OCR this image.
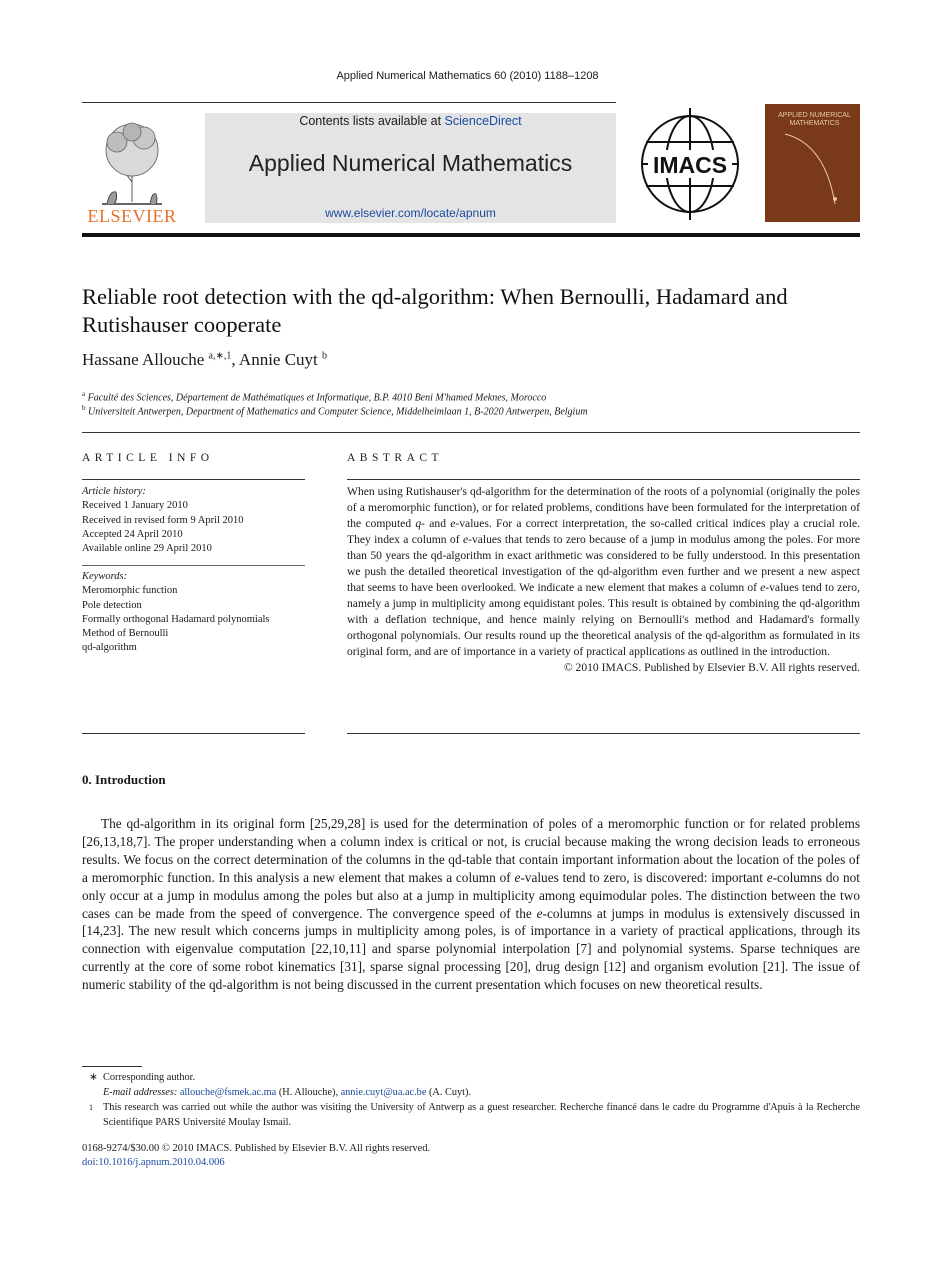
Applied Numerical Mathematics 60 (2010) 1188–1208
ELSEVIER
Contents lists available at ScienceDirect
Applied Numerical Mathematics
www.elsevier.com/locate/apnum
IMACS
APPLIED NUMERICAL MATHEMATICS
Reliable root detection with the qd-algorithm: When Bernoulli, Hadamard and Rutishauser cooperate
Hassane Allouche $^{a,∗,1}$, Annie Cuyt $^b$
$^a$ Faculté des Sciences, Département de Mathématiques et Informatique, B.P. 4010 Beni M'hamed Meknes, Morocco
$^b$ Universiteit Antwerpen, Department of Mathematics and Computer Science, Middelheimlaan 1, B-2020 Antwerpen, Belgium
ARTICLE INFO
Article history:
Received 1 January 2010
Received in revised form 9 April 2010
Accepted 24 April 2010
Available online 29 April 2010
Keywords:
Meromorphic function
Pole detection
Formally orthogonal Hadamard polynomials
Method of Bernoulli
qd-algorithm
ABSTRACT
When using Rutishauser's qd-algorithm for the determination of the roots of a polynomial (originally the poles of a meromorphic function), or for related problems, conditions have been formulated for the interpretation of the computed q- and e-values. For a correct interpretation, the so-called critical indices play a crucial role. They index a column of e-values that tends to zero because of a jump in modulus among the poles. For more than 50 years the qd-algorithm in exact arithmetic was considered to be fully understood. In this presentation we push the detailed theoretical investigation of the qd-algorithm even further and we present a new aspect that seems to have been overlooked. We indicate a new element that makes a column of e-values tend to zero, namely a jump in multiplicity among equidistant poles. This result is obtained by combining the qd-algorithm with a deflation technique, and hence mainly relying on Bernoulli's method and Hadamard's formally orthogonal polynomials. Our results round up the theoretical analysis of the qd-algorithm as formulated in its original form, and are of importance in a variety of practical applications as outlined in the introduction.
© 2010 IMACS. Published by Elsevier B.V. All rights reserved.
0. Introduction
The qd-algorithm in its original form [25,29,28] is used for the determination of poles of a meromorphic function or for related problems [26,13,18,7]. The proper understanding when a column index is critical or not, is crucial because making the wrong decision leads to erroneous results. We focus on the correct determination of the columns in the qd-table that contain important information about the location of the poles of a meromorphic function. In this analysis a new element that makes a column of e-values tend to zero, is discovered: important e-columns do not only occur at a jump in modulus among the poles but also at a jump in multiplicity among equimodular poles. The distinction between the two cases can be made from the speed of convergence. The convergence speed of the e-columns at jumps in modulus is extensively discussed in [14,23]. The new result which concerns jumps in multiplicity among poles, is of importance in a variety of practical applications, through its connection with eigenvalue computation [22,10,11] and sparse polynomial interpolation [7] and polynomial systems. Sparse techniques are currently at the core of some robot kinematics [31], sparse signal processing [20], drug design [12] and organism evolution [21]. The issue of numeric stability of the qd-algorithm is not being discussed in the current presentation which focuses on new theoretical results.
∗ Corresponding author.
E-mail addresses: allouche@fsmek.ac.ma (H. Allouche), annie.cuyt@ua.ac.be (A. Cuyt).
1 This research was carried out while the author was visiting the University of Antwerp as a guest researcher. Recherche financé dans le cadre du Programme d'Apuis à la Recherche Scientifique PARS Université Moulay Ismail.
0168-9274/$30.00 © 2010 IMACS. Published by Elsevier B.V. All rights reserved.
doi:10.1016/j.apnum.2010.04.006
